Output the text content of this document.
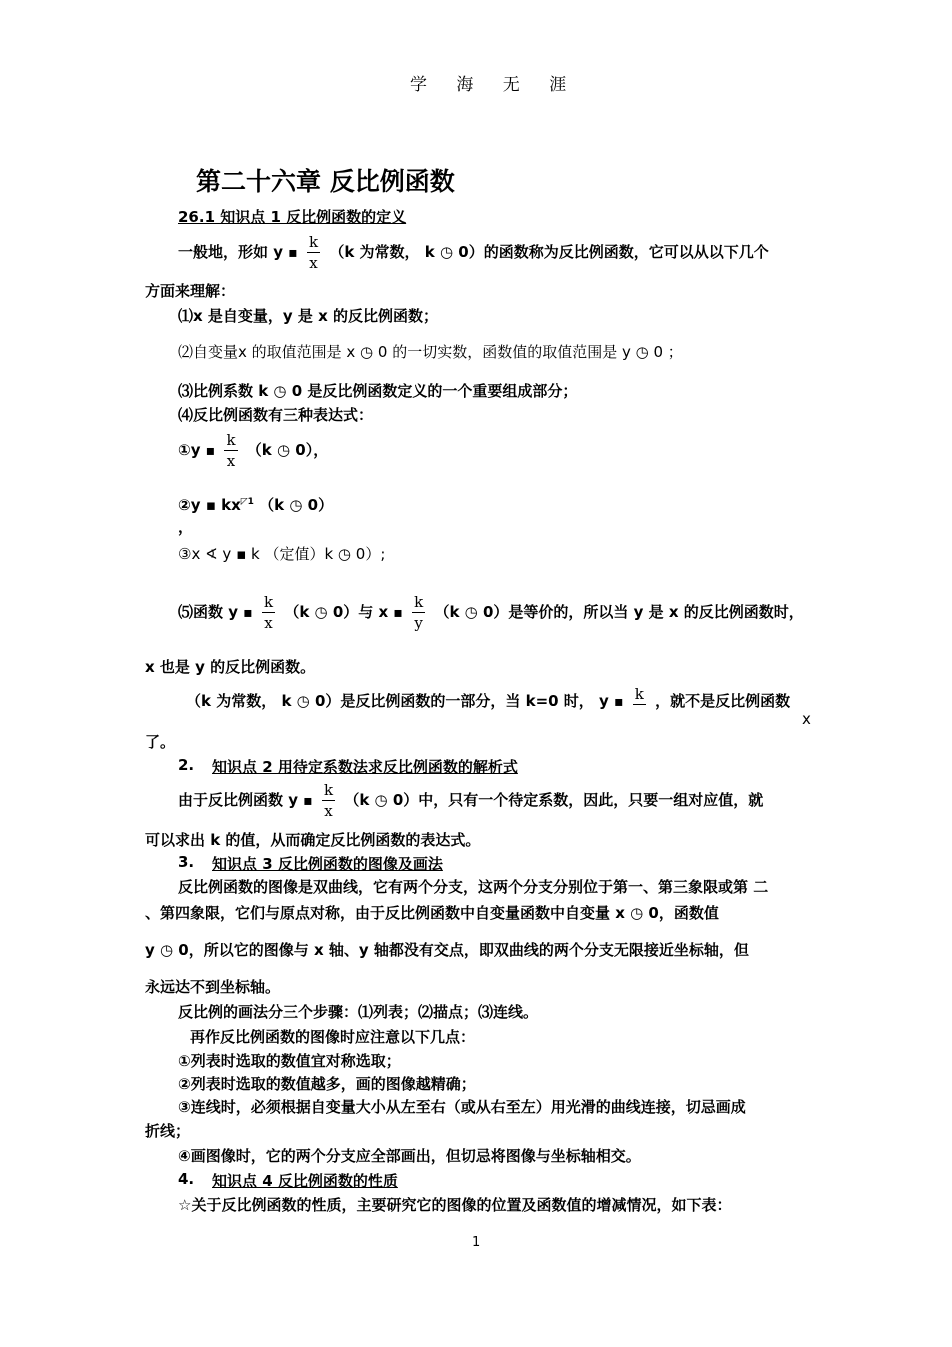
学 海 无 涯
第二十六章 反比例函数
26.1 知识点 1 反比例函数的定义
一般地，形如 y ▪ $\frac{k}{x} (k$ 为常数， k ◷ 0）的函数称为反比例函数，它可以从以下几个
方面来理解：
⑴x 是自变量，y 是 x 的反比例函数；
⑵自变量x 的取值范围是 x ◷ 0 的一切实数，函数值的取值范围是 y ◷ 0 ；
⑶比例系数 k ◷ 0 是反比例函数定义的一个重要组成部分；
⑷反比例函数有三种表达式：
①y ▪ $\frac{k}{x} (k$ ◷ 0），
②y ▪ $kx^{◸1}$ （k ◷ 0）
，
③x ∢ y ▪ k （定值）k ◷ 0）;
⑸函数 y ▪ $\frac{k}{x} (k$ ◷ 0）与 x ▪ $\frac{k}{y} (k$ ◷ 0）是等价的，所以当 y 是 x 的反比例函数时，
x 也是 y 的反比例函数。
（k 为常数， k ◷ 0）是反比例函数的一部分，当 k=0 时， y ▪ k ，就不是反比例函数
x
了。
2. 知识点 2 用待定系数法求反比例函数的解析式
由于反比例函数 y ▪ $\frac{k}{x} (k$ ◷ 0）中，只有一个待定系数，因此，只要一组对应值，就
可以求出 k 的值，从而确定反比例函数的表达式。
3. 知识点 3 反比例函数的图像及画法
反比例函数的图像是双曲线，它有两个分支，这两个分支分别位于第一、第三象限或第 二
、第四象限，它们与原点对称，由于反比例函数中自变量函数中自变量 x ◷ 0，函数值
y ◷ 0，所以它的图像与 x 轴、y 轴都没有交点，即双曲线的两个分支无限接近坐标轴，但
永远达不到坐标轴。
反比例的画法分三个步骤：⑴列表；⑵描点；⑶连线。
再作反比例函数的图像时应注意以下几点：
①列表时选取的数值宜对称选取；
②列表时选取的数值越多，画的图像越精确；
③连线时，必须根据自变量大小从左至右（或从右至左）用光滑的曲线连接，切忌画成
折线；
④画图像时，它的两个分支应全部画出，但切忌将图像与坐标轴相交。
4. 知识点 4 反比例函数的性质
☆关于反比例函数的性质，主要研究它的图像的位置及函数值的增减情况，如下表：
1
